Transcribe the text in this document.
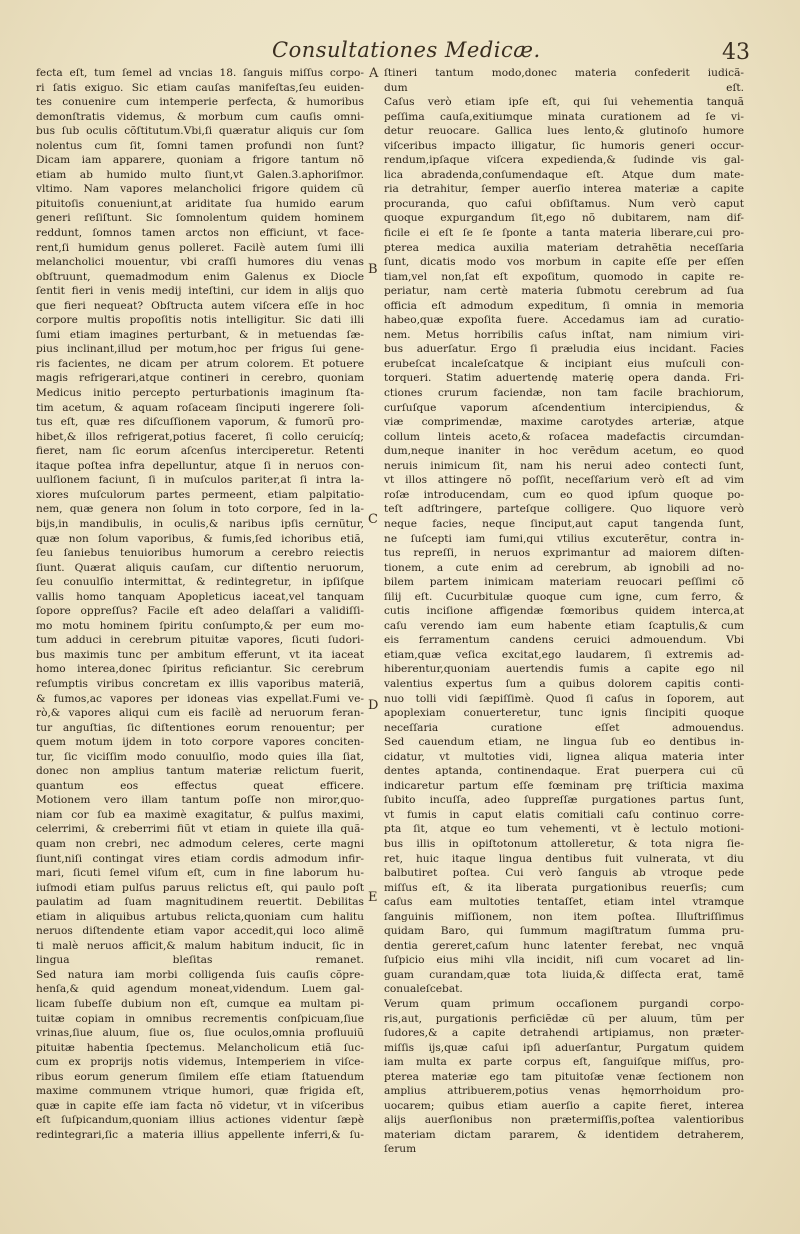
Consultationes Medicæ.	43
fecta eſt, tum ſemel ad vncias 18. ſanguis miſſus corpo-
ri ſatis exiguo. Sic etiam cauſas manifeſtas,ſeu euiden-
tes conuenire cum intemperie perfecta, & humoribus
demonſtratis videmus, & morbum cum cauſis omni-
bus ſub oculis cõſtitutum.Vbi,ſi quæratur aliquis cur ſom
nolentus cum ſit, ſomni tamen profundi non ſunt?
Dicam iam apparere, quoniam a frigore tantum nõ
etiam ab humido multo ſiunt,vt Galen.3.aphoriſmor.
vltimo. Nam vapores melancholici frigore quidem cũ
pituitoſis conueniunt,at ariditate ſua humido earum
generi reſiſtunt. Sic ſomnolentum quidem hominem
reddunt, ſomnos tamen arctos non efficiunt, vt face-
rent,ſi humidum genus polleret. Facilè autem ſumi illi
melancholici mouentur, vbi craſſi humores diu venas
obſtruunt, quemadmodum enim Galenus ex Diocle
ſentit fieri in venis medij inteſtini, cur idem in alijs quo
que fieri nequeat? Obſtructa autem viſcera eſſe in hoc
corpore multis propoſitis notis intelligitur. Sic dati illi
ſumi etiam imagines perturbant, & in metuendas ſæ-
pius inclinant,illud per motum,hoc per frigus ſui gene-
ris facientes, ne dicam per atrum colorem. Et potuere
magis refrigerari,atque contineri in cerebro, quoniam
Medicus initio percepto perturbationis imaginum ſta-
tim acetum, & aquam roſaceam ſinciputi ingerere ſoli-
tus eſt, quæ res diſcuſſionem vaporum, & fumorũ pro-
hibet,& illos refrigerat,potius faceret, ſi collo ceruicíq;
fieret, nam ſic eorum aſcenſus interciperetur. Retenti
itaque poſtea infra depelluntur, atque ſi in neruos con-
uulſionem faciunt, ſi in muſculos pariter,at ſi intra la-
xiores muſculorum partes permeent, etiam palpitatio-
nem, quæ genera non ſolum in toto corpore, ſed in la-
bijs,in mandibulis, in oculis,& naribus ipſis cernũtur,
quæ non ſolum vaporibus, & fumis,ſed ichoribus etiã,
ſeu ſaniebus tenuioribus humorum a cerebro reiectis
ſiunt. Quærat aliquis cauſam, cur diſtentio neruorum,
ſeu conuulſio intermittat, & redintegretur, in ipſiſque
vallis homo tanquam Apopleticus iaceat,vel tanquam
ſopore oppreſſus? Facile eſt adeo delaſſari a validiſſi-
mo motu hominem ſpiritu conſumpto,& per eum mo-
tum adduci in cerebrum pituitæ vapores, ſicuti ſudori-
bus maximis tunc per ambitum efferunt, vt ita iaceat
homo interea,donec ſpiritus reficiantur. Sic cerebrum
reſumptis viribus concretam ex illis vaporibus materiã,
& fumos,ac vapores per idoneas vias expellat.Fumi ve-
rò,& vapores aliqui cum eis facilè ad neruorum feran-
tur anguſtias, ſic diſtentiones eorum renouentur; per
quem motum ijdem in toto corpore vapores conciten-
tur, ſic viciſſim modo conuulſio, modo quies illa ſiat,
donec non amplius tantum materiæ relictum fuerit,
quantum eos effectus queat efficere.
Motionem vero illam tantum poſſe non miror,quo-
niam cor ſub ea maximè exagitatur, & pulſus maximi,
celerrimi, & creberrimi fiũt vt etiam in quiete illa quã-
quam non crebri, nec admodum celeres, certe magni
ſiunt,niſi contingat vires etiam cordis admodum infir-
mari, ſicuti ſemel viſum eſt, cum in fine laborum hu-
iuſmodi etiam pulſus paruus relictus eſt, qui paulo poſt
paulatim ad ſuam magnitudinem reuertit. Debilitas
etiam in aliquibus artubus relicta,quoniam cum halitu
neruos diſtendente etiam vapor accedit,qui loco alimẽ
ti malè neruos afficit,& malum habitum inducit, ſic in
lingua bleſitas remanet.
Sed natura iam morbi colligenda ſuis cauſis cõpre-
henſa,& quid agendum moneat,videndum. Luem gal-
licam ſubeſſe dubium non eſt, cumque ea multam pi-
tuitæ copiam in omnibus recrementis conſpicuam,ſiue
vrinas,ſiue aluum, ſiue os, ſiue oculos,omnia profluuiũ
pituitæ habentia ſpectemus. Melancholicum etiã ſuc-
cum ex proprijs notis videmus, Intemperiem in viſce-
ribus eorum generum ſimilem eſſe etiam ſtatuendum
maxime communem vtrique humori, quæ frigida eſt,
quæ in capite eſſe iam facta nõ videtur, vt in viſceribus
eſt ſuſpicandum,quoniam illius actiones videntur ſæpè
redintegrari,ſic a materia illius appellente inferri,& ſu-
ſtineri tantum modo,donec materia confederit iudicã-
dum eſt.
Caſus verò etiam ipſe eſt, qui ſui vehementia tanquã
peſſima cauſa,exitiumque minata curationem ad ſe vi-
detur reuocare. Gallica lues lento,& glutinoſo humore
viſceribus impacto illigatur, ſic humoris generi occur-
rendum,ipſaque viſcera expedienda,& ſudinde vis gal-
lica abradenda,conſumendaque eſt. Atque dum mate-
ria detrahitur, ſemper auerſio interea materiæ a capite
procuranda, quo caſui obſiſtamus. Num verò caput
quoque expurgandum ſit,ego nõ dubitarem, nam dif-
ficile ei eſt ſe ſe ſponte a tanta materia liberare,cui pro-
pterea medica auxilia materiam detrahẽtia neceſſaria
ſunt, dicatis modo vos morbum in capite eſſe per eſſen
tiam,vel non,ſat eſt expoſitum, quomodo in capite re-
periatur, nam certè materia ſubmotu cerebrum ad ſua
officia eſt admodum expeditum, ſi omnia in memoria
habeo,quæ expoſita fuere. Accedamus iam ad curatio-
nem. Metus horribilis caſus inſtat, nam nimium viri-
bus aduerſatur. Ergo ſi præludia eius incidant. Facies
erubeſcat incaleſcatque & incipiant eius muſculi con-
torqueri. Statim aduertendę materię opera danda. Fri-
ctiones crurum faciendæ, non tam facile brachiorum,
curſuſque vaporum aſcendentium intercipiendus, &
viæ comprimendæ, maxime carotydes arteriæ, atque
collum linteis aceto,& roſacea madefactis circumdan-
dum,neque inaniter in hoc verẽdum acetum, eo quod
neruis inimicum ſit, nam his nerui adeo contecti ſunt,
vt illos attingere nõ poſſit, neceſſarium verò eſt ad vim
roſæ introducendam, cum eo quod ipſum quoque po-
teſt adſtringere, parteſque colligere. Quo liquore verò
neque facies, neque ſinciput,aut caput tangenda ſunt,
ne ſuſcepti iam fumi,qui vtilius excuterẽtur, contra in-
tus repreſſi, in neruos exprimantur ad maiorem diſten-
tionem, a cute enim ad cerebrum, ab ignobili ad no-
bilem partem inimicam materiam reuocari peſſimi cõ
ſilij eſt. Cucurbitulæ quoque cum igne, cum ferro, &
cutis inciſione affigendæ fœmoribus quidem interca,at
caſu verendo iam eum habente etiam ſcaptulis,& cum
eis ferramentum candens ceruici admouendum. Vbi
etiam,quæ veſica excitat,ego laudarem, ſi extremis ad-
hiberentur,quoniam auertendis fumis a capite ego nil
valentius expertus ſum a quibus dolorem capitis conti-
nuo tolli vidi ſæpiſſimè. Quod ſi caſus in ſoporem, aut
apoplexiam conuerteretur, tunc ignis ſincipiti quoque
neceſſaria curatione eſſet admouendus.
Sed cauendum etiam, ne lingua ſub eo dentibus in-
cidatur, vt multoties vidi, lignea aliqua materia inter
dentes aptanda, continendaque. Erat puerpera cui cũ
indicaretur partum eſſe fœminam prę triſticia maxima
ſubito incuſſa, adeo ſuppreſſæ purgationes partus ſunt,
vt fumis in caput elatis comitiali caſu continuo corre-
pta ſit, atque eo tum vehementi, vt è lectulo motioni-
bus illis in opiſtotonum attolleretur, & tota nigra ſie-
ret, huic itaque lingua dentibus fuit vulnerata, vt diu
balbutiret poſtea. Cui verò ſanguis ab vtroque pede
miſſus eſt, & ita liberata purgationibus reuerſis; cum
caſus eam multoties tentaſſet, etiam intel vtramque
ſanguinis miſſionem, non item poſtea. Illuſtriſſimus
quidam Baro, qui ſummum magiſtratum ſumma pru-
dentia gereret,caſum hunc latenter ferebat, nec vnquã
ſuſpicio eius mihi vlla incidit, niſi cum vocaret ad lin-
guam curandam,quæ tota liuida,& diſſecta erat, tamẽ
conualeſcebat.
Verum quam primum occaſionem purgandi corpo-
ris,aut, purgationis perficiẽdæ cũ per aluum, tũm per
ſudores,& a capite detrahendi artipiamus, non præter-
miſſis ijs,quæ caſui ipſi aduerſantur, Purgatum quidem
iam multa ex parte corpus eſt, ſanguiſque miſſus, pro-
pterea materiæ ego tam pituitoſæ venæ ſectionem non
amplius attribuerem,potius venas hęmorrhoidum pro-
uocarem; quibus etiam auerſio a capite fieret, interea
alijs auerſionibus non prætermiſſis,poſtea valentioribus
materiam dictam pararem, & identidem detraherem,
ſerum
A
B
C
D
E
